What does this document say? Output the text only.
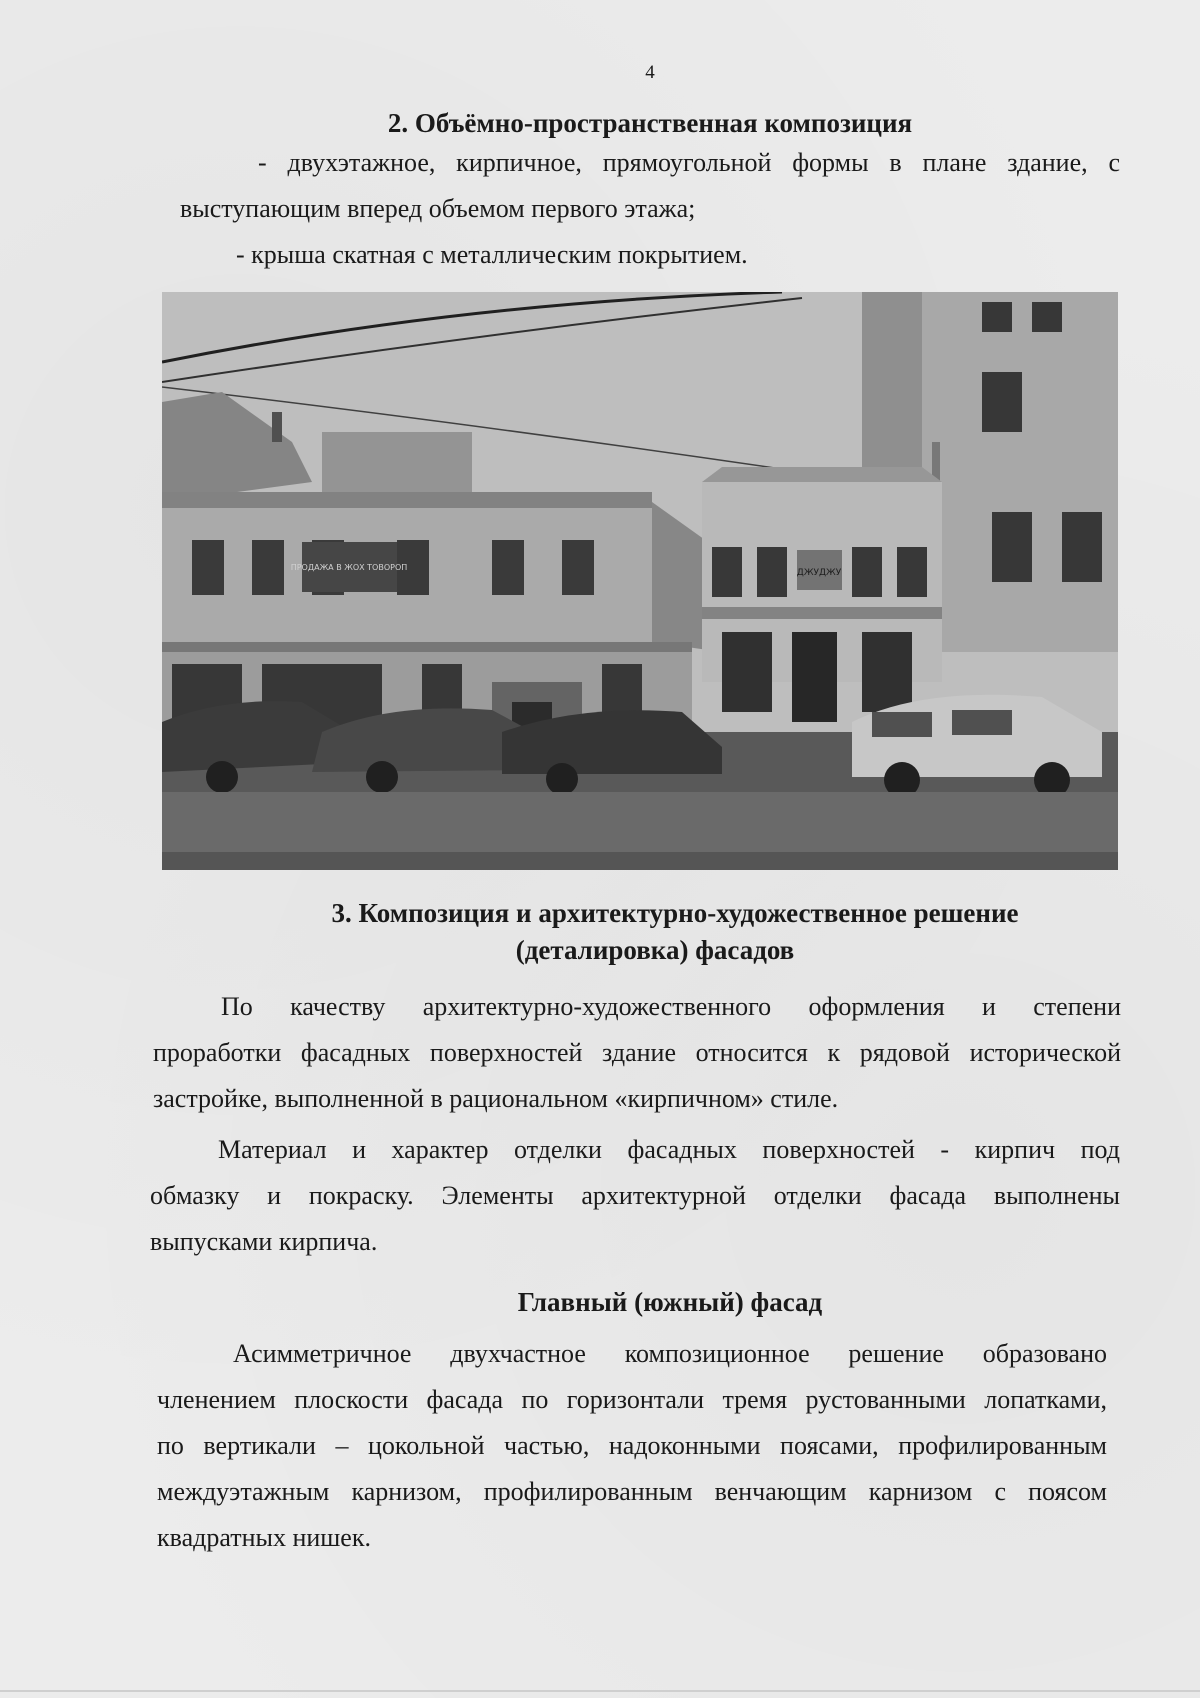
4
2. Объёмно-пространственная композиция
- двухэтажное, кирпичное, прямоугольной формы в плане здание, с
выступающим вперед объемом первого этажа;
- крыша скатная с металлическим покрытием.
ПРОДАЖА В ЖОХ ТОВОРОП
ДЖУДЖУ
3. Композиция и архитектурно-художественное решение
(деталировка) фасадов
По качеству архитектурно-художественного оформления и степени
проработки фасадных поверхностей здание относится к рядовой исторической
застройке, выполненной в рациональном «кирпичном» стиле.
Материал и характер отделки фасадных поверхностей - кирпич под
обмазку и покраску. Элементы архитектурной отделки фасада выполнены
выпусками кирпича.
Главный (южный) фасад
Асимметричное двухчастное композиционное решение образовано
членением плоскости фасада по горизонтали тремя рустованными лопатками,
по вертикали – цокольной частью, надоконными поясами, профилированным
междуэтажным карнизом, профилированным венчающим карнизом с поясом
квадратных нишек.
